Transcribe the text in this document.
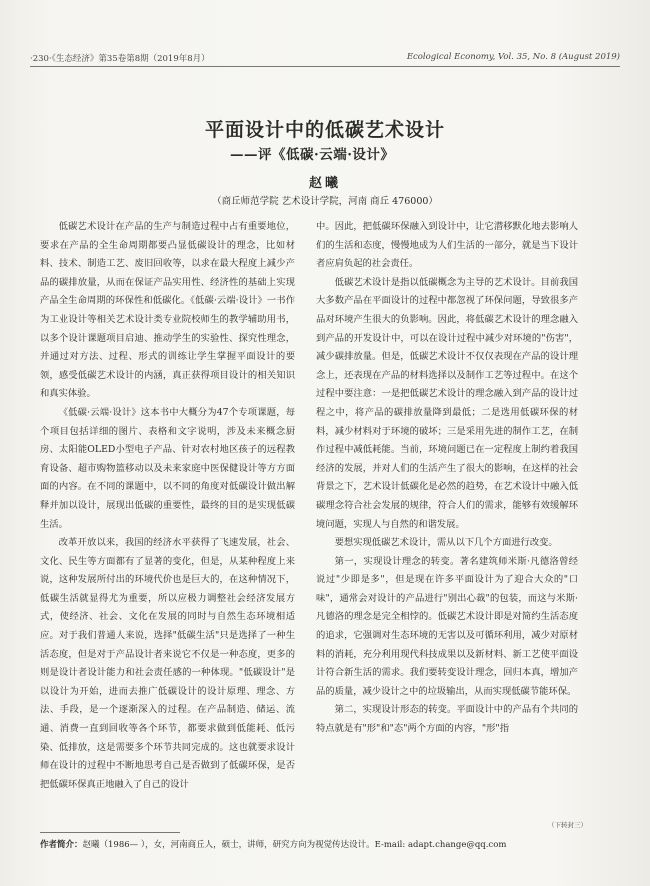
·230·《生态经济》第35卷第8期（2019年8月）	Ecological Economy, Vol. 35, No. 8 (August 2019)
平面设计中的低碳艺术设计
——评《低碳·云端·设计》
赵曦
（商丘师范学院 艺术设计学院，河南 商丘 476000）

低碳艺术设计在产品的生产与制造过程中占有重要地位，要求在产品的全生命周期都要凸显低碳设计的理念，比如材料、技术、制造工艺、废旧回收等，以求在最大程度上减少产品的碳排放量，从而在保证产品实用性、经济性的基础上实现产品全生命周期的环保性和低碳化。《低碳·云端·设计》一书作为工业设计等相关艺术设计类专业院校师生的教学辅助用书，以多个设计课题项目启迪、推动学生的实验性、探究性理念，并通过对方法、过程、形式的训练让学生掌握平面设计的要领，感受低碳艺术设计的内涵，真正获得项目设计的相关知识和真实体验。

《低碳·云端·设计》这本书中大概分为47个专项课题，每个项目包括详细的图片、表格和文字说明，涉及未来概念厨房、太阳能OLED小型电子产品、针对农村地区孩子的远程教育设备、超市购物篮移动以及未来家庭中医保健设计等方方面面的内容。在不同的课题中，以不同的角度对低碳设计做出解释并加以设计，展现出低碳的重要性，最终的目的是实现低碳生活。

改革开放以来，我国的经济水平获得了飞速发展，社会、文化、民生等方面都有了显著的变化，但是，从某种程度上来说，这种发展所付出的环境代价也是巨大的，在这种情况下，低碳生活就显得尤为重要，所以应极力调整社会经济发展方式，使经济、社会、文化在发展的同时与自然生态环境相适应。对于我们普通人来说，选择"低碳生活"只是选择了一种生活态度，但是对于产品设计者来说它不仅是一种态度，更多的则是设计者设计能力和社会责任感的一种体现。"低碳设计"是以设计为开始，进而去推广低碳设计的设计原理、理念、方法、手段，是一个逐渐深入的过程。在产品制造、储运、流通、消费一直到回收等各个环节，都要求做到低能耗、低污染、低排放，这是需要多个环节共同完成的。这也就要求设计师在设计的过程中不断地思考自己是否做到了低碳环保，是否把低碳环保真正地融入了自己的设计

中。因此，把低碳环保融入到设计中，让它潜移默化地去影响人们的生活和态度，慢慢地成为人们生活的一部分，就是当下设计者应肩负起的社会责任。

低碳艺术设计是指以低碳概念为主导的艺术设计。目前我国大多数产品在平面设计的过程中都忽视了环保问题，导致很多产品对环境产生很大的负影响。因此，将低碳艺术设计的理念融入到产品的开发设计中，可以在设计过程中减少对环境的"伤害"，减少碳排放量。但是，低碳艺术设计不仅仅表现在产品的设计理念上，还表现在产品的材料选择以及制作工艺等过程中。在这个过程中要注意：一是把低碳艺术设计的理念融入到产品的设计过程之中，将产品的碳排放量降到最低；二是选用低碳环保的材料，减少材料对于环境的破坏；三是采用先进的制作工艺，在制作过程中减低耗能。当前，环境问题已在一定程度上制约着我国经济的发展，并对人们的生活产生了很大的影响，在这样的社会背景之下，艺术设计低碳化是必然的趋势，在艺术设计中融入低碳理念符合社会发展的规律，符合人们的需求，能够有效缓解环境问题，实现人与自然的和谐发展。

要想实现低碳艺术设计，需从以下几个方面进行改变。

第一，实现设计理念的转变。著名建筑师米斯·凡德洛曾经说过"少即是多"，但是现在许多平面设计为了迎合大众的"口味"，通常会对设计的产品进行"别出心裁"的包装，而这与米斯·凡德洛的理念是完全相悖的。低碳艺术设计即是对简约生活态度的追求，它强调对生态环境的无害以及可循环利用，减少对原材料的消耗，充分利用现代科技成果以及新材料、新工艺使平面设计符合新生活的需求。我们要转变设计理念，回归本真，增加产品的质量，减少设计之中的垃圾输出，从而实现低碳节能环保。

第二，实现设计形态的转变。平面设计中的产品有个共同的特点就是有"形"和"态"两个方面的内容，"形"指

（下转封三）
作者简介：赵曦（1986— ），女，河南商丘人，硕士，讲师，研究方向为视觉传达设计。E-mail: adapt.change@qq.com
